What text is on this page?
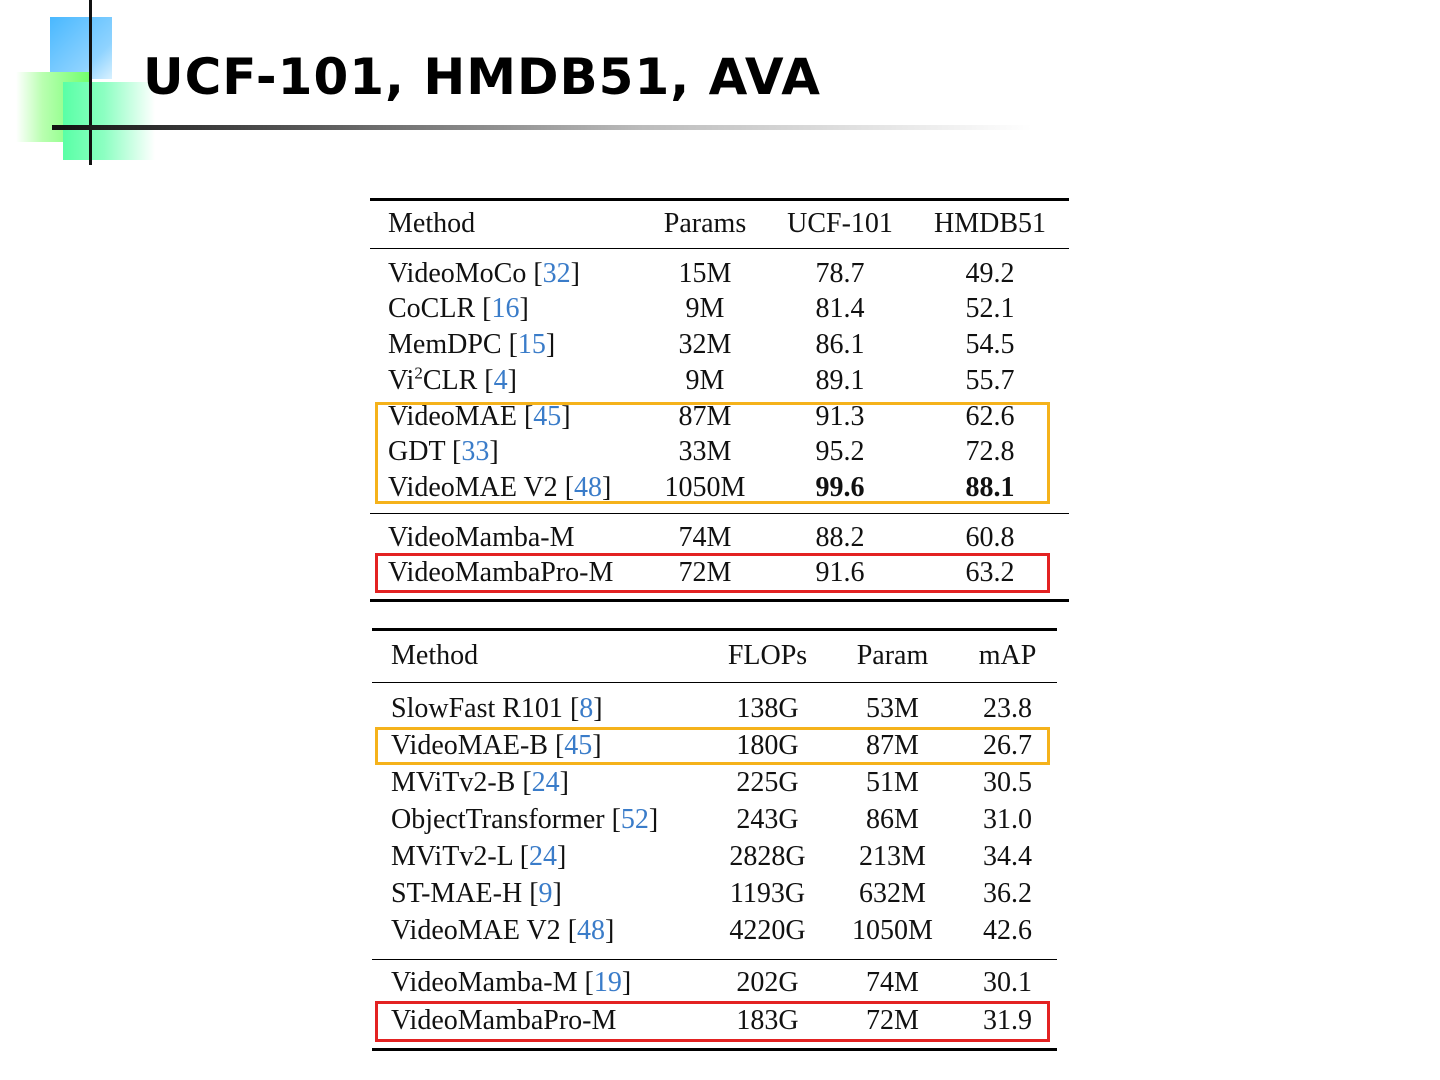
UCF-101, HMDB51, AVA
Method	Params	UCF-101	HMDB51
VideoMoCo [32]	15M	78.7	49.2
CoCLR [16]	9M	81.4	52.1
MemDPC [15]	32M	86.1	54.5
Vi$^2$CLR [4]	9M	89.1	55.7
VideoMAE [45]	87M	91.3	62.6
GDT [33]	33M	95.2	72.8
VideoMAE V2 [48]	1050M	99.6	88.1
VideoMamba-M	74M	88.2	60.8
VideoMambaPro-M	72M	91.6	63.2
Method	FLOPs	Param	mAP
SlowFast R101 [8]	138G	53M	23.8
VideoMAE-B [45]	180G	87M	26.7
MViTv2-B [24]	225G	51M	30.5
ObjectTransformer [52]	243G	86M	31.0
MViTv2-L [24]	2828G	213M	34.4
ST-MAE-H [9]	1193G	632M	36.2
VideoMAE V2 [48]	4220G	1050M	42.6
VideoMamba-M [19]	202G	74M	30.1
VideoMambaPro-M	183G	72M	31.9
